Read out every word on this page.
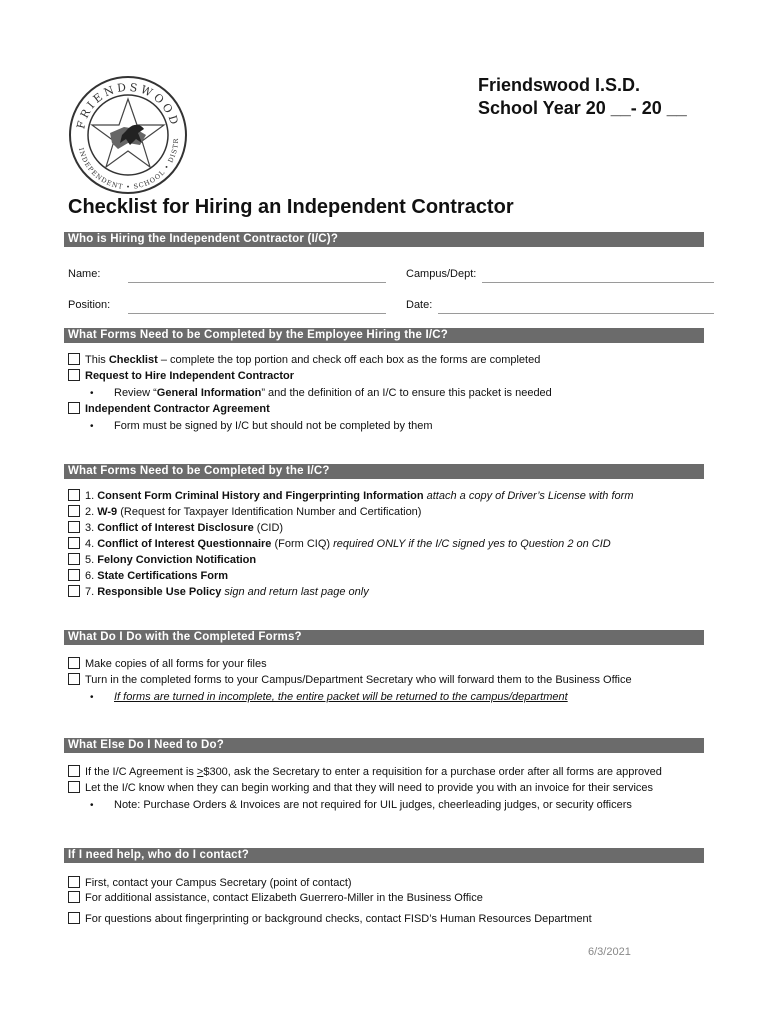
FRIENDSWOOD
INDEPENDENT • SCHOOL • DISTR
Friendswood I.S.D.
School Year 20 __- 20 __
Checklist for Hiring an Independent Contractor
Who is Hiring the Independent Contractor (I/C)?
Name:	Campus/Dept:
Position:	Date:
What Forms Need to be Completed by the Employee Hiring the I/C?
This Checklist – complete the top portion and check off each box as the forms are completed
Request to Hire Independent Contractor
• Review “General Information” and the definition of an I/C to ensure this packet is needed
Independent Contractor Agreement
• Form must be signed by I/C but should not be completed by them
What Forms Need to be Completed by the I/C?
1. Consent Form Criminal History and Fingerprinting Information attach a copy of Driver’s License with form
2. W-9 (Request for Taxpayer Identification Number and Certification)
3. Conflict of Interest Disclosure (CID)
4. Conflict of Interest Questionnaire (Form CIQ) required ONLY if the I/C signed yes to Question 2 on CID
5. Felony Conviction Notification
6. State Certifications Form
7. Responsible Use Policy sign and return last page only
What Do I Do with the Completed Forms?
Make copies of all forms for your files
Turn in the completed forms to your Campus/Department Secretary who will forward them to the Business Office
• If forms are turned in incomplete, the entire packet will be returned to the campus/department
What Else Do I Need to Do?
If the I/C Agreement is >$300, ask the Secretary to enter a requisition for a purchase order after all forms are approved
Let the I/C know when they can begin working and that they will need to provide you with an invoice for their services
• Note: Purchase Orders & Invoices are not required for UIL judges, cheerleading judges, or security officers
If I need help, who do I contact?
First, contact your Campus Secretary (point of contact)
For additional assistance, contact Elizabeth Guerrero-Miller in the Business Office
For questions about fingerprinting or background checks, contact FISD’s Human Resources Department
6/3/2021
